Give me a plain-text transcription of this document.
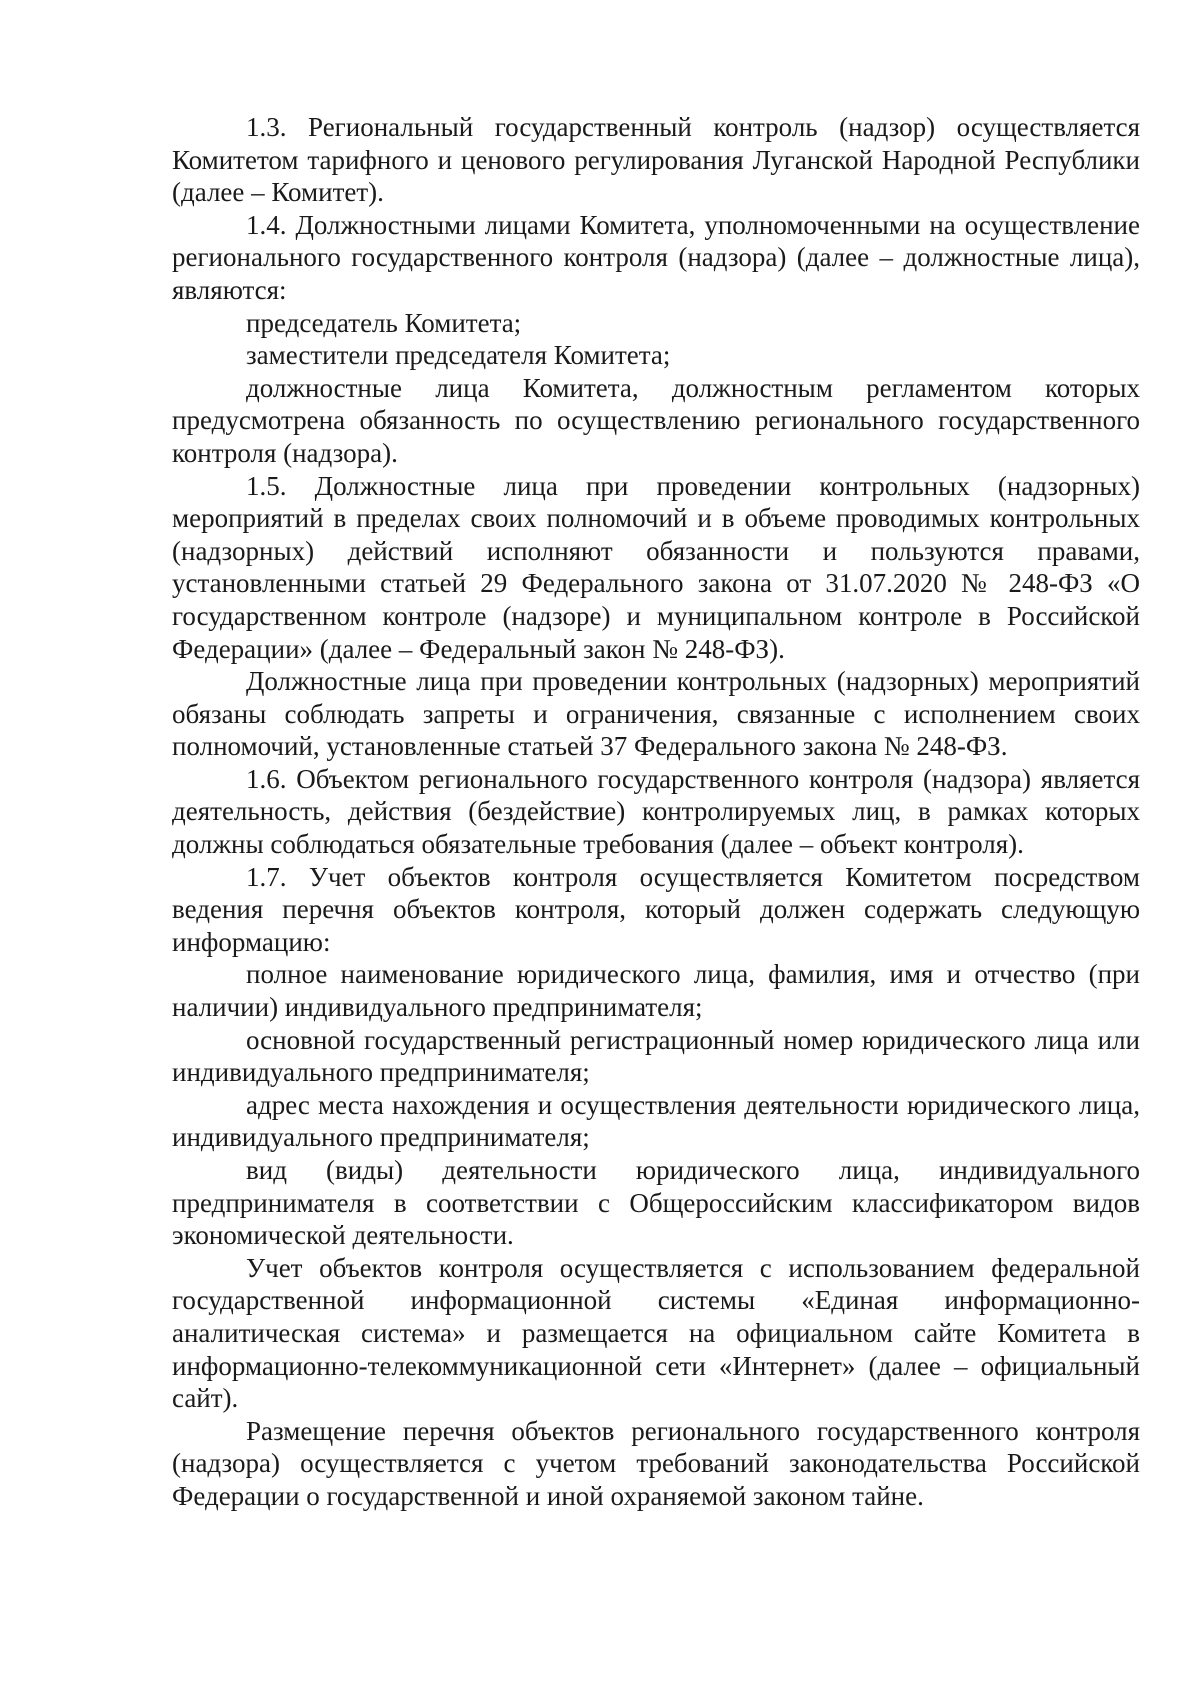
1.3. Региональный государственный контроль (надзор) осуществляется Комитетом тарифного и ценового регулирования Луганской Народной Республики (далее – Комитет).

1.4. Должностными лицами Комитета, уполномоченными на осуществление регионального государственного контроля (надзора) (далее – должностные лица), являются:

председатель Комитета;

заместители председателя Комитета;

должностные лица Комитета, должностным регламентом которых предусмотрена обязанность по осуществлению регионального государственного контроля (надзора).

1.5. Должностные лица при проведении контрольных (надзорных) мероприятий в пределах своих полномочий и в объеме проводимых контрольных (надзорных) действий исполняют обязанности и пользуются правами, установленными статьей 29 Федерального закона от 31.07.2020 № 248-ФЗ «О государственном контроле (надзоре) и муниципальном контроле в Российской Федерации» (далее – Федеральный закон № 248-ФЗ).

Должностные лица при проведении контрольных (надзорных) мероприятий обязаны соблюдать запреты и ограничения, связанные с исполнением своих полномочий, установленные статьей 37 Федерального закона № 248-ФЗ.

1.6. Объектом регионального государственного контроля (надзора) является деятельность, действия (бездействие) контролируемых лиц, в рамках которых должны соблюдаться обязательные требования (далее – объект контроля).

1.7. Учет объектов контроля осуществляется Комитетом посредством ведения перечня объектов контроля, который должен содержать следующую информацию:

полное наименование юридического лица, фамилия, имя и отчество (при наличии) индивидуального предпринимателя;

основной государственный регистрационный номер юридического лица или индивидуального предпринимателя;

адрес места нахождения и осуществления деятельности юридического лица, индивидуального предпринимателя;

вид (виды) деятельности юридического лица, индивидуального предпринимателя в соответствии с Общероссийским классификатором видов экономической деятельности.

Учет объектов контроля осуществляется с использованием федеральной государственной информационной системы «Единая информационно-аналитическая система» и размещается на официальном сайте Комитета в информационно-телекоммуникационной сети «Интернет» (далее – официальный сайт).

Размещение перечня объектов регионального государственного контроля (надзора) осуществляется с учетом требований законодательства Российской Федерации о государственной и иной охраняемой законом тайне.
